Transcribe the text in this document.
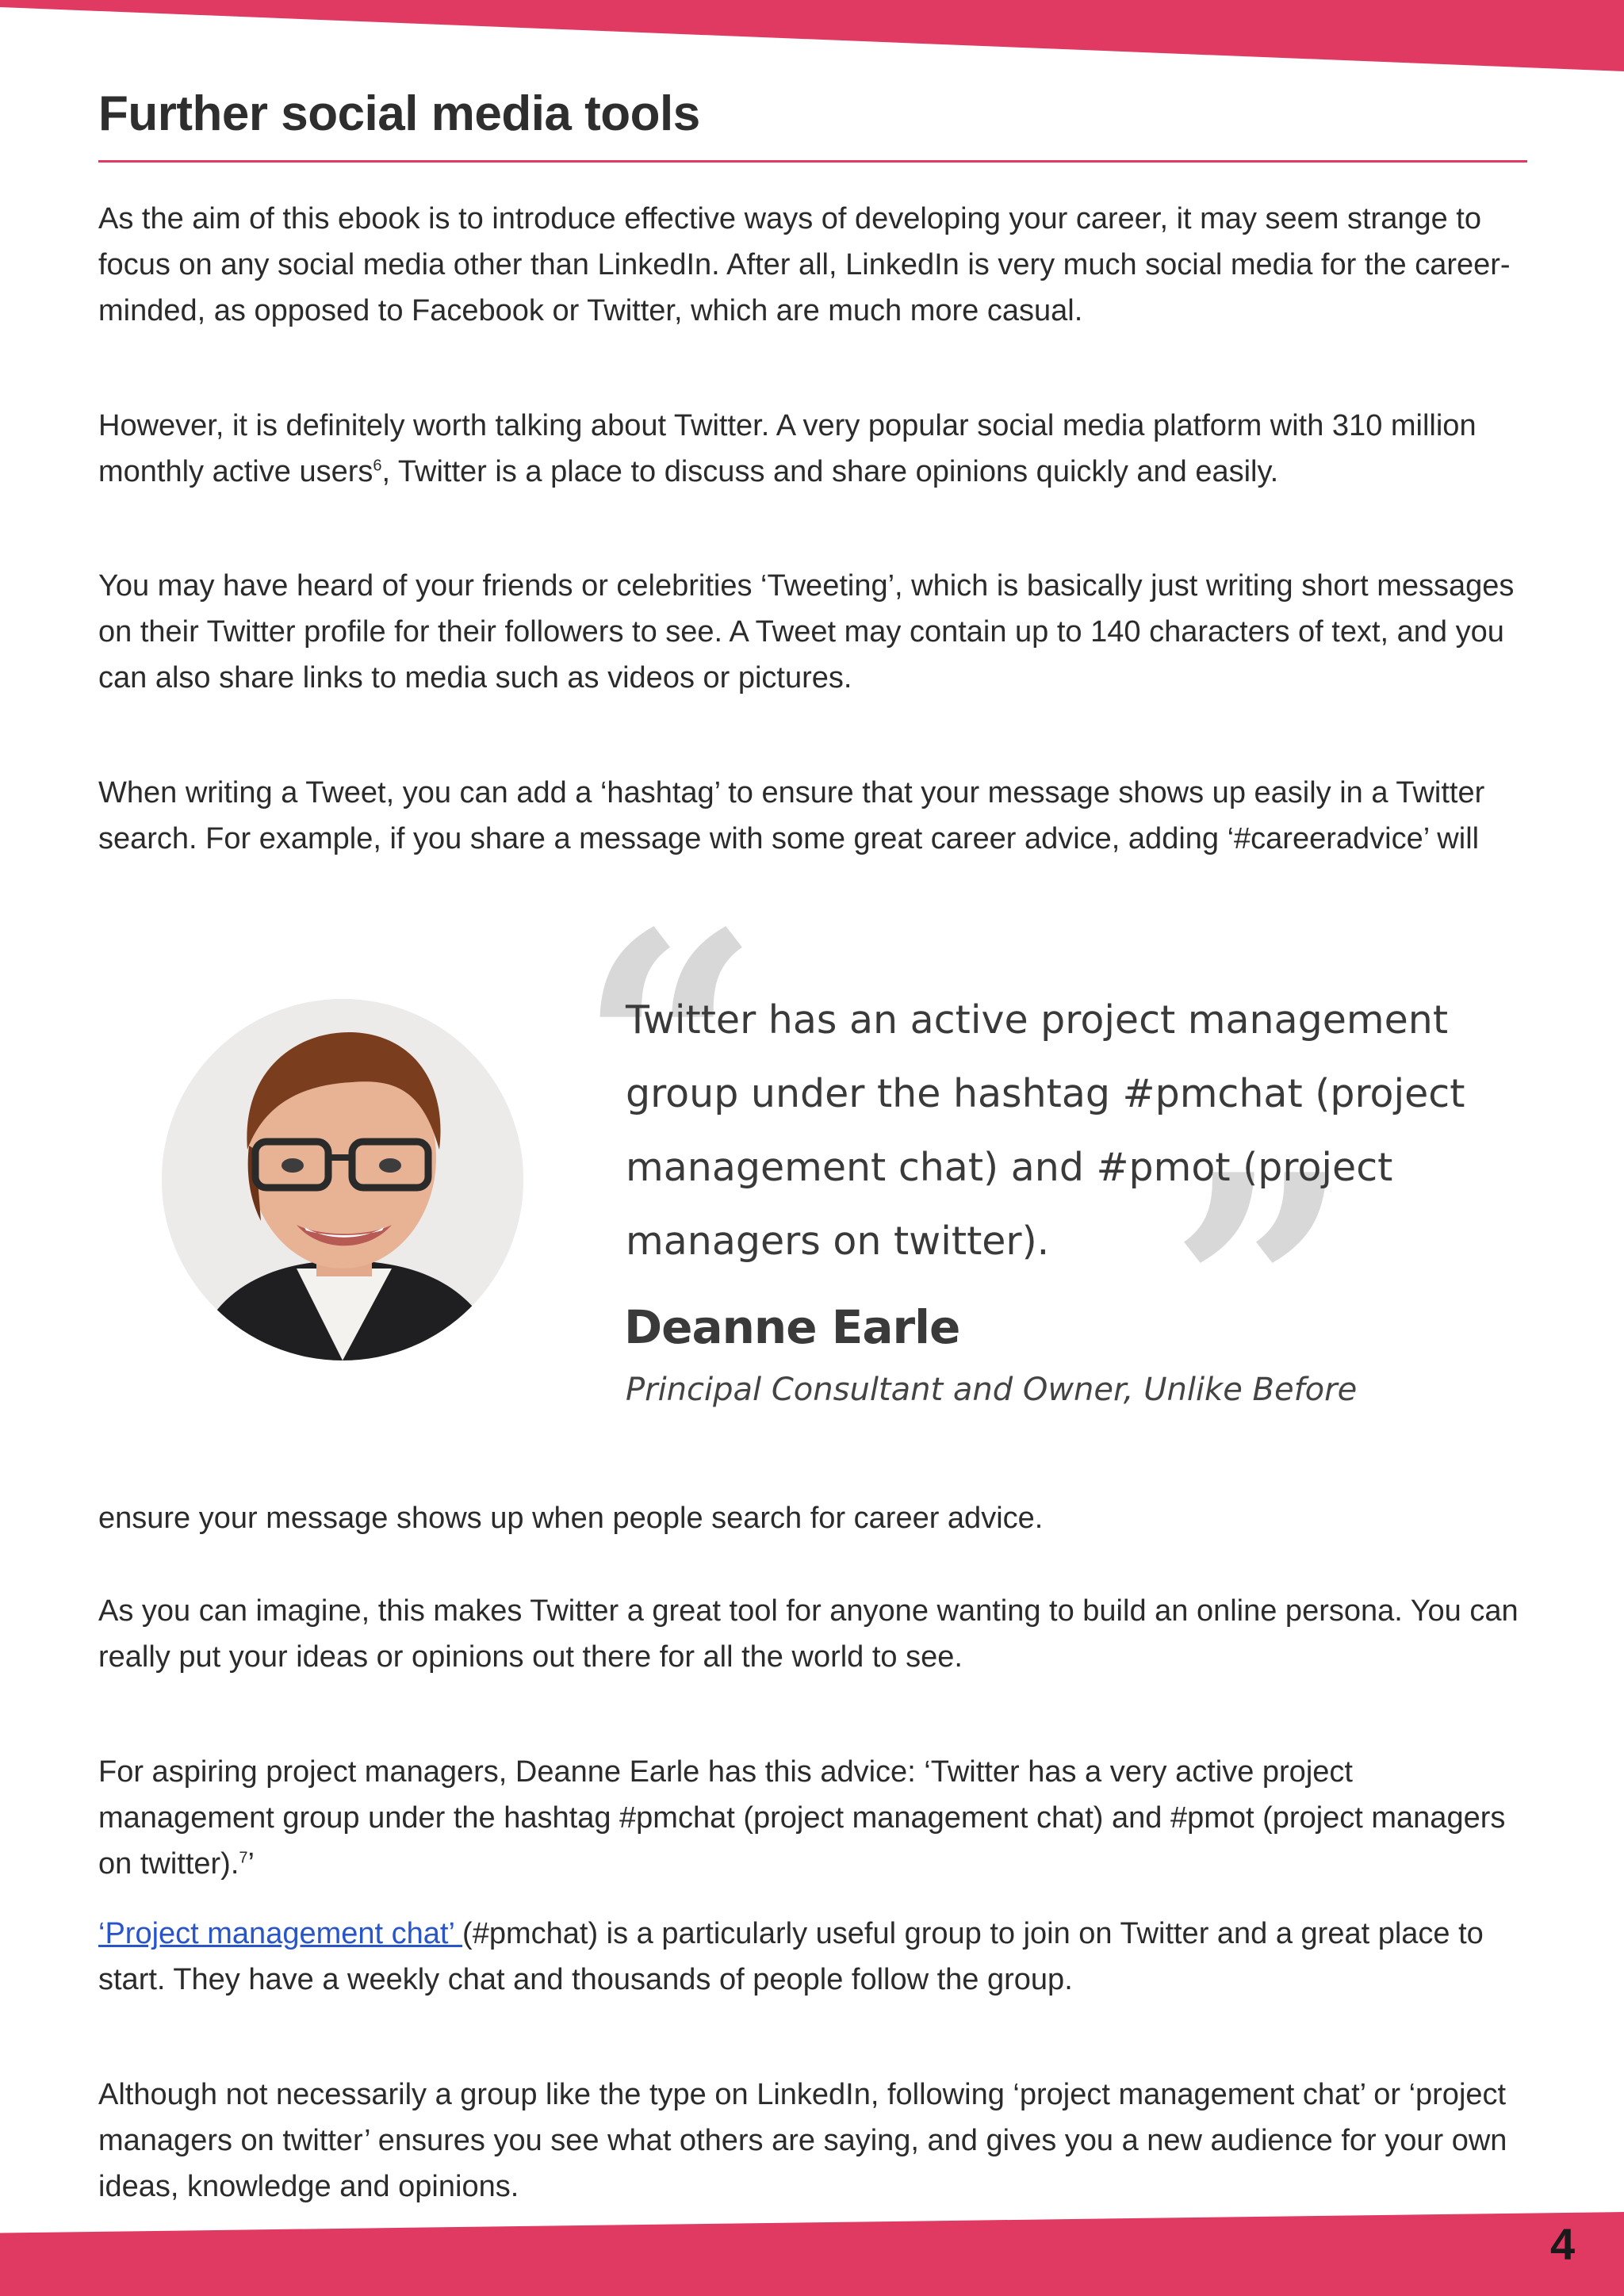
Further social media tools

As the aim of this ebook is to introduce effective ways of developing your career, it may seem strange to focus on any social media other than LinkedIn. After all, LinkedIn is very much social media for the career-minded, as opposed to Facebook or Twitter, which are much more casual.

However, it is definitely worth talking about Twitter. A very popular social media platform with 310 million monthly active users$^6$, Twitter is a place to discuss and share opinions quickly and easily.

You may have heard of your friends or celebrities ‘Tweeting’, which is basically just writing short messages on their Twitter profile for their followers to see. A Tweet may contain up to 140 characters of text, and you can also share links to media such as videos or pictures.

When writing a Tweet, you can add a ‘hashtag’ to ensure that your message shows up easily in a Twitter search. For example, if you share a message with some great career advice, adding ‘#careeradvice’ will

“
”

Twitter has an active project management group under the hashtag #pmchat (project management chat) and #pmot (project managers on twitter).

Deanne Earle

Principal Consultant and Owner, Unlike Before

ensure your message shows up when people search for career advice.

As you can imagine, this makes Twitter a great tool for anyone wanting to build an online persona. You can really put your ideas or opinions out there for all the world to see.

For aspiring project managers, Deanne Earle has this advice: ‘Twitter has a very active project management group under the hashtag #pmchat (project management chat) and #pmot (project managers on twitter).$^7$’

‘Project management chat’ (#pmchat) is a particularly useful group to join on Twitter and a great place to start. They have a weekly chat and thousands of people follow the group.

Although not necessarily a group like the type on LinkedIn, following ‘project management chat’ or ‘project managers on twitter’ ensures you see what others are saying, and gives you a new audience for your own ideas, knowledge and opinions.

4
